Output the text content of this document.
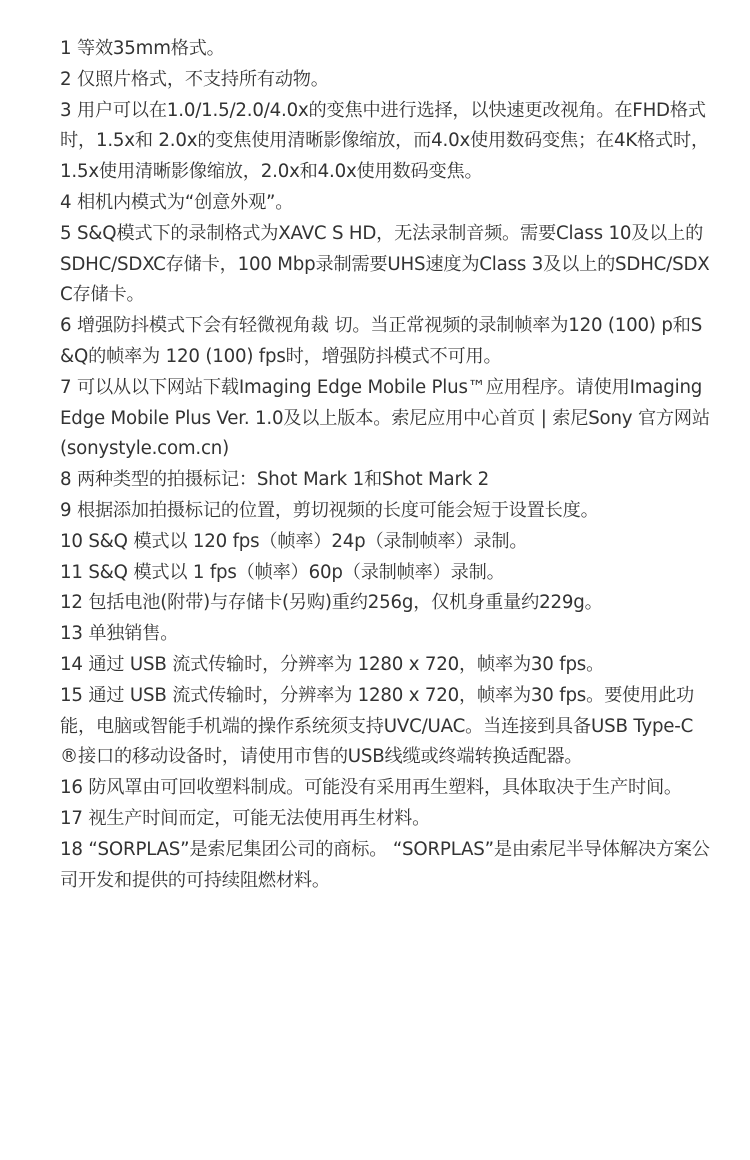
1 等效35mm格式。
2 仅照片格式，不支持所有动物。
3 用户可以在1.0/1.5/2.0/4.0x的变焦中进行选择，以快速更改视角。在FHD格式时，1.5x和 2.0x的变焦使用清晰影像缩放，而4.0x使用数码变焦；在4K格式时，1.5x使用清晰影像缩放，2.0x和4.0x使用数码变焦。
4 相机内模式为“创意外观”。
5 S&Q模式下的录制格式为XAVC S HD，无法录制音频。需要Class 10及以上的SDHC/SDXC存储卡，100 Mbp录制需要UHS速度为Class 3及以上的SDHC/SDXC存储卡。
6 增强防抖模式下会有轻微视角裁 切。当正常视频的录制帧率为120 (100) p和S&Q的帧率为 120 (100) fps时，增强防抖模式不可用。
7 可以从以下网站下载Imaging Edge Mobile Plus™应用程序。请使用Imaging Edge Mobile Plus Ver. 1.0及以上版本。索尼应用中心首页 | 索尼Sony 官方网站 (sonystyle.com.cn)
8 两种类型的拍摄标记：Shot Mark 1和Shot Mark 2
9 根据添加拍摄标记的位置，剪切视频的长度可能会短于设置长度。
10 S&Q 模式以 120 fps（帧率）24p（录制帧率）录制。
11 S&Q 模式以 1 fps（帧率）60p（录制帧率）录制。
12 包括电池(附带)与存储卡(另购)重约256g，仅机身重量约229g。
13 单独销售。
14 通过 USB 流式传输时，分辨率为 1280 x 720，帧率为30 fps。
15 通过 USB 流式传输时，分辨率为 1280 x 720，帧率为30 fps。要使用此功能，电脑或智能手机端的操作系统须支持UVC/UAC。当连接到具备USB Type-C®接口的移动设备时，请使用市售的USB线缆或终端转换适配器。
16 防风罩由可回收塑料制成。可能没有采用再生塑料，具体取决于生产时间。
17 视生产时间而定，可能无法使用再生材料。
18 “SORPLAS”是索尼集团公司的商标。 “SORPLAS”是由索尼半导体解决方案公司开发和提供的可持续阻燃材料。
